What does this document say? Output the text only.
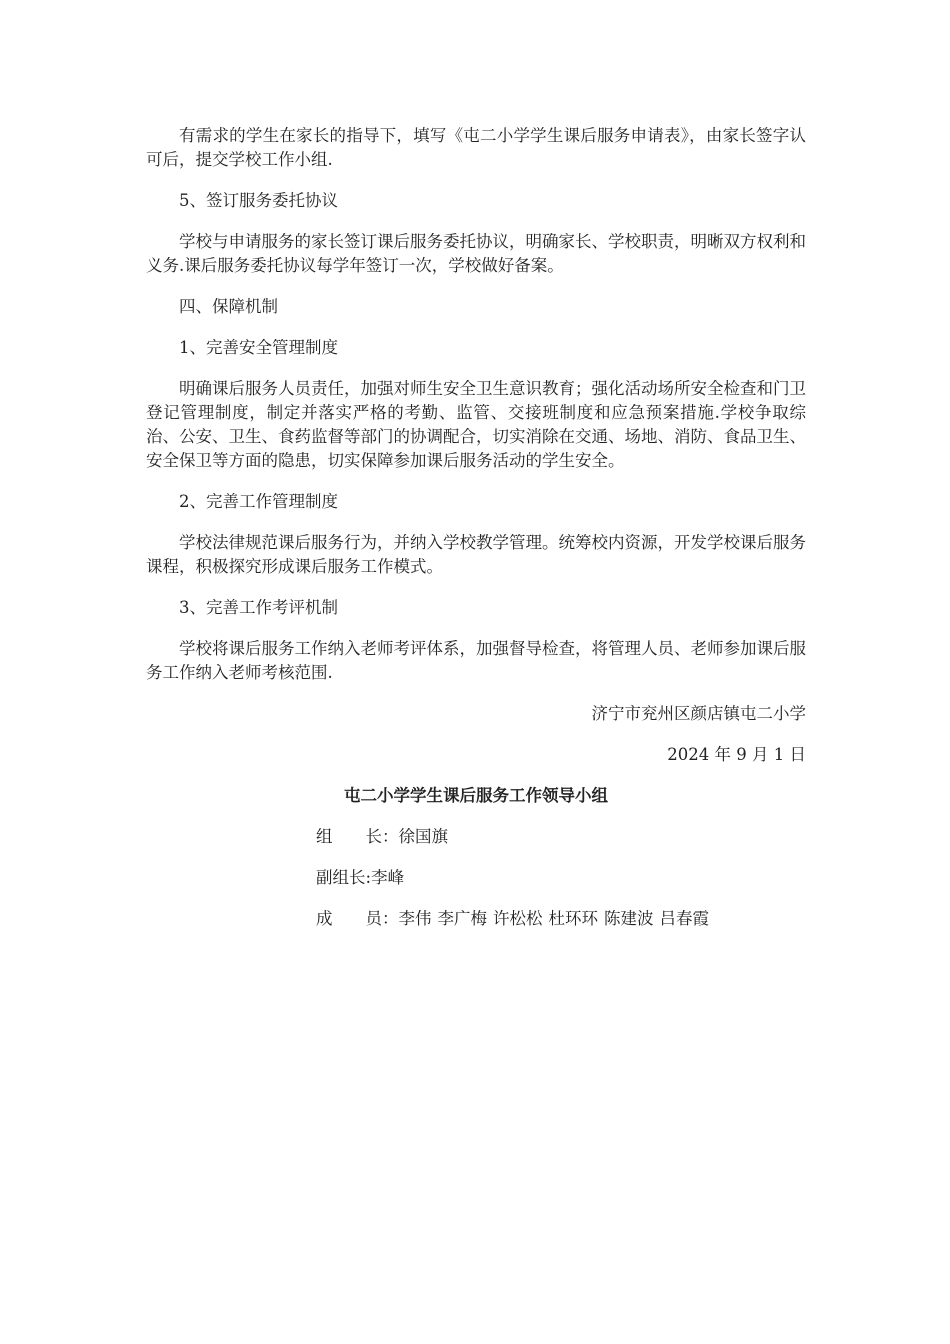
有需求的学生在家长的指导下，填写《屯二小学学生课后服务申请表》，由家长签字认可后，提交学校工作小组.

5、签订服务委托协议

学校与申请服务的家长签订课后服务委托协议，明确家长、学校职责，明晰双方权利和义务.课后服务委托协议每学年签订一次，学校做好备案。

四、保障机制

1、完善安全管理制度

明确课后服务人员责任，加强对师生安全卫生意识教育；强化活动场所安全检查和门卫登记管理制度，制定并落实严格的考勤、监管、交接班制度和应急预案措施.学校争取综治、公安、卫生、食药监督等部门的协调配合，切实消除在交通、场地、消防、食品卫生、安全保卫等方面的隐患，切实保障参加课后服务活动的学生安全。

2、完善工作管理制度

学校法律规范课后服务行为，并纳入学校教学管理。统筹校内资源，开发学校课后服务课程，积极探究形成课后服务工作模式。

3、完善工作考评机制

学校将课后服务工作纳入老师考评体系，加强督导检查，将管理人员、老师参加课后服务工作纳入老师考核范围.

济宁市兖州区颜店镇屯二小学

2024 年 9 月 1 日

屯二小学学生课后服务工作领导小组

组　　长：徐国旗

副组长:李峰

成　　员：李伟 李广梅 许松松 杜环环 陈建波 吕春霞
